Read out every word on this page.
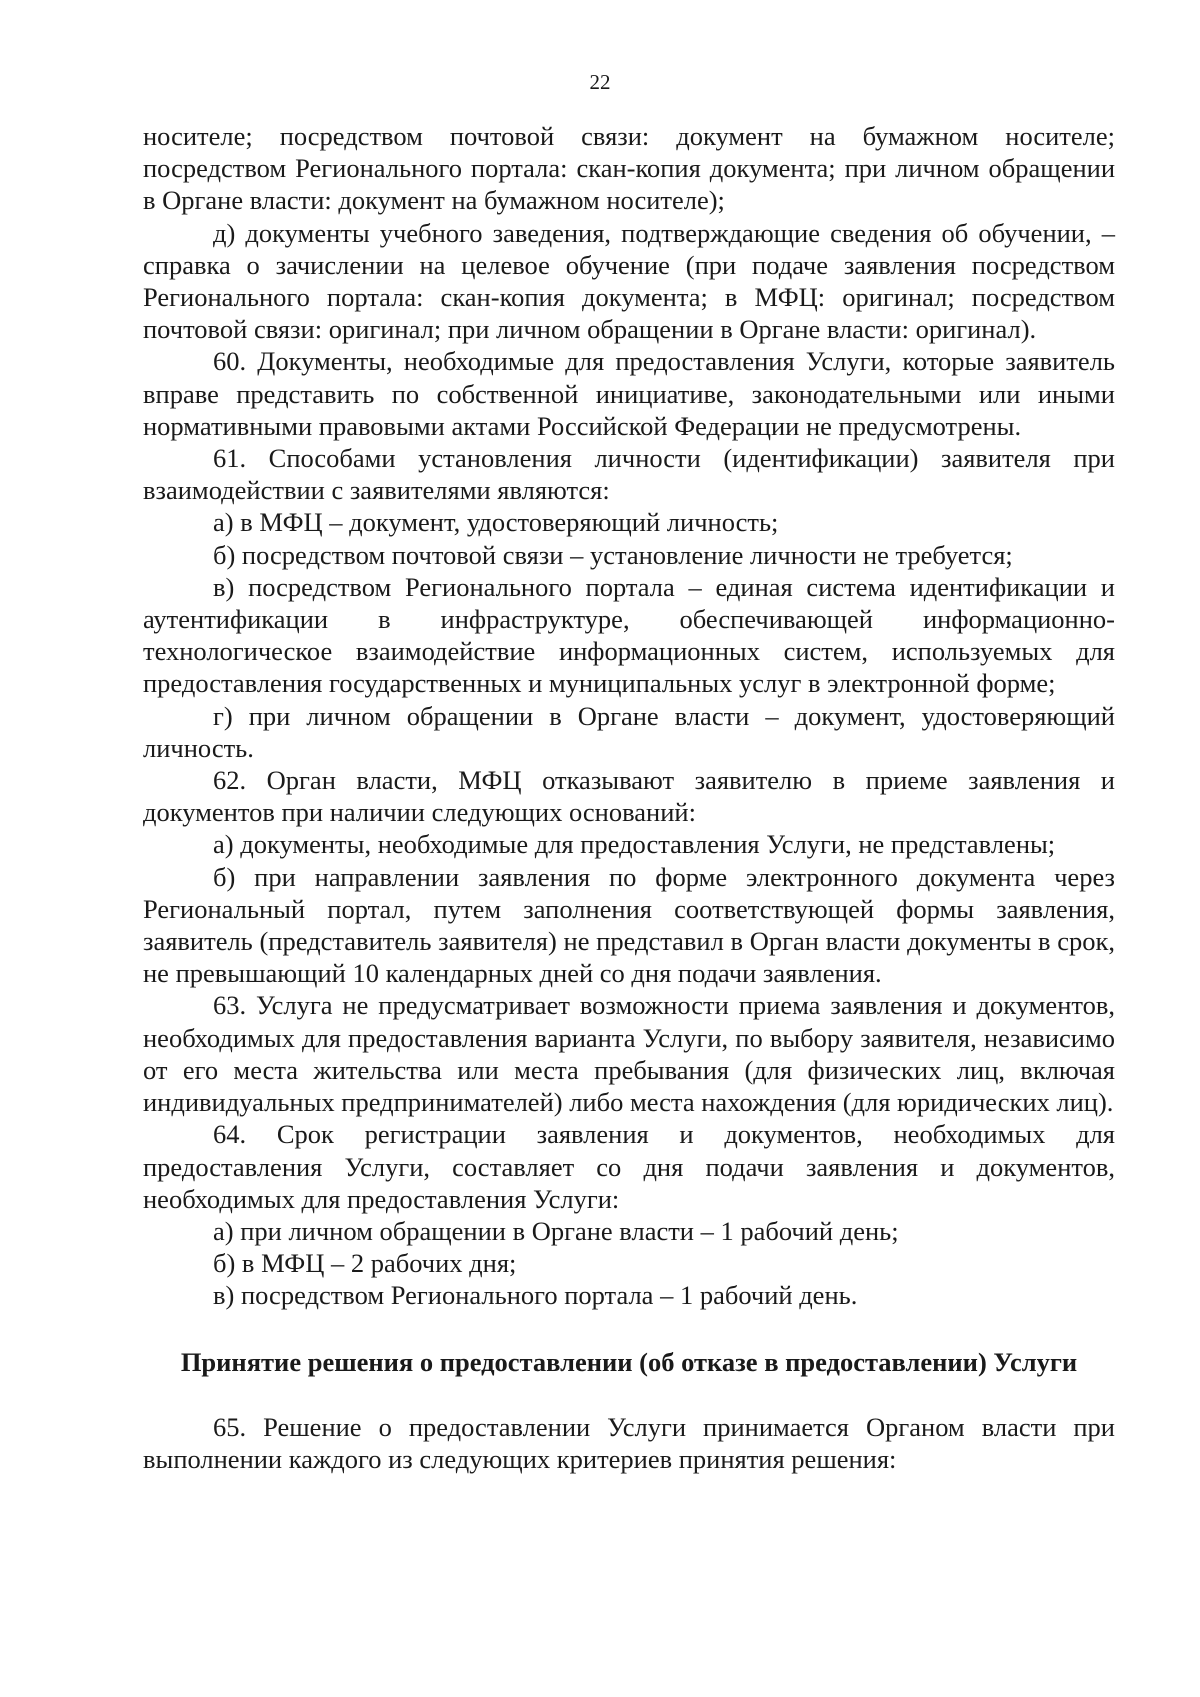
22

носителе; посредством почтовой связи: документ на бумажном носителе; посредством Регионального портала: скан-копия документа; при личном обращении в Органе власти: документ на бумажном носителе);

д) документы учебного заведения, подтверждающие сведения об обучении, – справка о зачислении на целевое обучение (при подаче заявления посредством Регионального портала: скан-копия документа; в МФЦ: оригинал; посредством почтовой связи: оригинал; при личном обращении в Органе власти: оригинал).

60. Документы, необходимые для предоставления Услуги, которые заявитель вправе представить по собственной инициативе, законодательными или иными нормативными правовыми актами Российской Федерации не предусмотрены.

61. Способами установления личности (идентификации) заявителя при взаимодействии с заявителями являются:

а) в МФЦ – документ, удостоверяющий личность;

б) посредством почтовой связи – установление личности не требуется;

в) посредством Регионального портала – единая система идентификации и аутентификации в инфраструктуре, обеспечивающей информационно-технологическое взаимодействие информационных систем, используемых для предоставления государственных и муниципальных услуг в электронной форме;

г) при личном обращении в Органе власти – документ, удостоверяющий личность.

62. Орган власти, МФЦ отказывают заявителю в приеме заявления и документов при наличии следующих оснований:

а) документы, необходимые для предоставления Услуги, не представлены;

б) при направлении заявления по форме электронного документа через Региональный портал, путем заполнения соответствующей формы заявления, заявитель (представитель заявителя) не представил в Орган власти документы в срок, не превышающий 10 календарных дней со дня подачи заявления.

63. Услуга не предусматривает возможности приема заявления и документов, необходимых для предоставления варианта Услуги, по выбору заявителя, независимо от его места жительства или места пребывания (для физических лиц, включая индивидуальных предпринимателей) либо места нахождения (для юридических лиц).

64. Срок регистрации заявления и документов, необходимых для предоставления Услуги, составляет со дня подачи заявления и документов, необходимых для предоставления Услуги:

а) при личном обращении в Органе власти – 1 рабочий день;

б) в МФЦ – 2 рабочих дня;

в) посредством Регионального портала – 1 рабочий день.

Принятие решения о предоставлении (об отказе в предоставлении) Услуги

65. Решение о предоставлении Услуги принимается Органом власти при выполнении каждого из следующих критериев принятия решения:
